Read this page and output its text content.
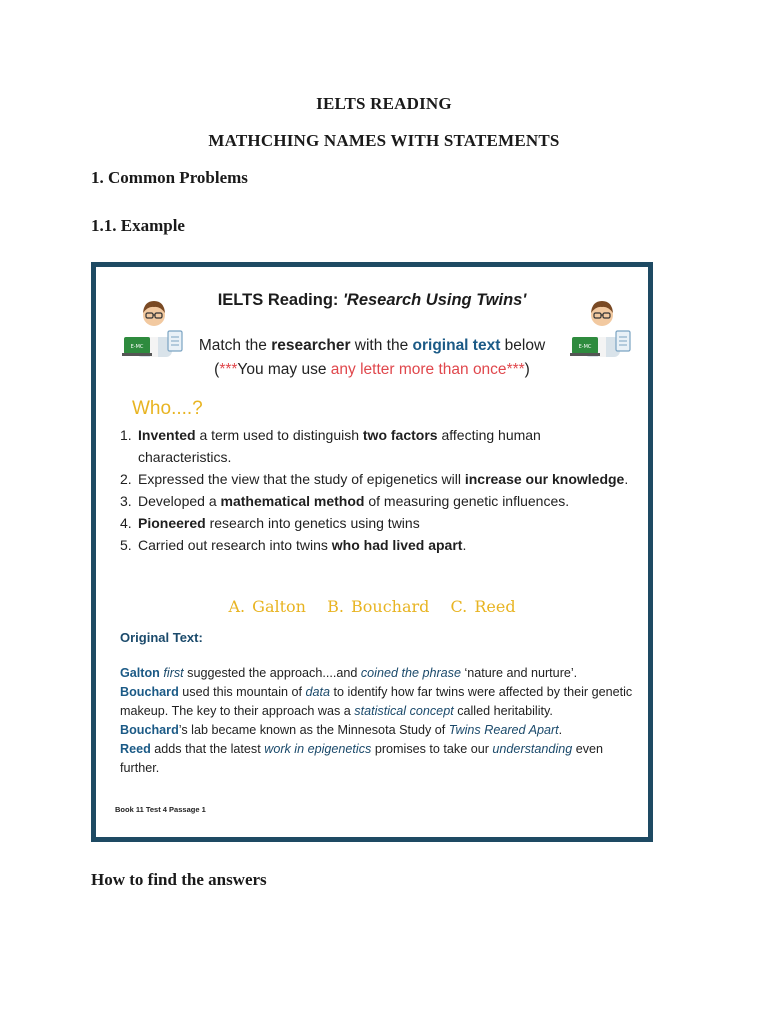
IELTS READING
MATHCHING NAMES WITH STATEMENTS
1. Common Problems
1.1. Example
E-MC	E-MC
IELTS Reading: 'Research Using Twins'
Match the researcher with the original text below
(***You may use any letter more than once***)
Who....?
1. Invented a term used to distinguish two factors affecting human characteristics.
2. Expressed the view that the study of epigenetics will increase our knowledge.
3. Developed a mathematical method of measuring genetic influences.
4. Pioneered research into genetics using twins
5. Carried out research into twins who had lived apart.
A. Galton B. Bouchard C. Reed
Original Text:
Galton first suggested the approach....and coined the phrase ‘nature and nurture’.
Bouchard used this mountain of data to identify how far twins were affected by their genetic makeup. The key to their approach was a statistical concept called heritability.
Bouchard’s lab became known as the Minnesota Study of Twins Reared Apart.
Reed adds that the latest work in epigenetics promises to take our understanding even further.
Book 11 Test 4 Passage 1
How to find the answers
